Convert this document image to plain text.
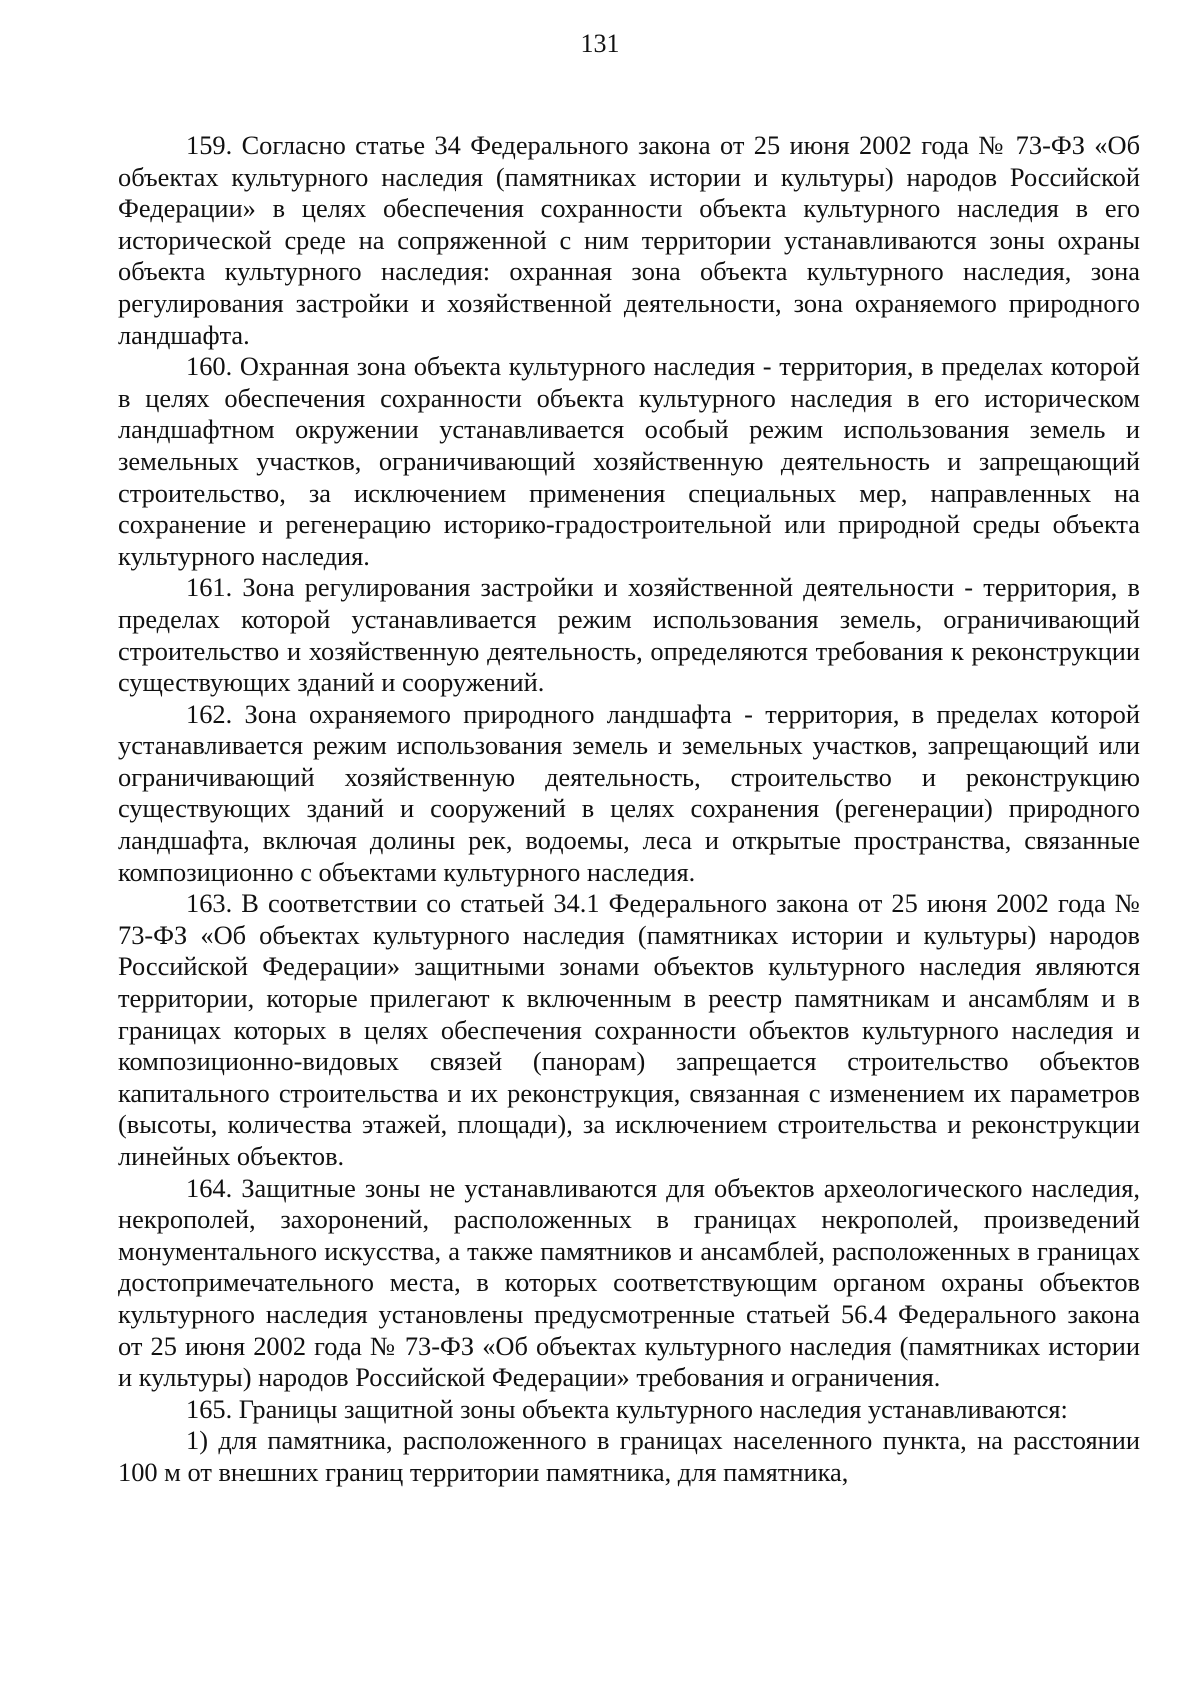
131

159. Согласно статье 34 Федерального закона от 25 июня 2002 года № 73-ФЗ «Об объектах культурного наследия (памятниках истории и культуры) народов Российской Федерации» в целях обеспечения сохранности объекта культурного наследия в его исторической среде на сопряженной с ним территории устанавливаются зоны охраны объекта культурного наследия: охранная зона объекта культурного наследия, зона регулирования застройки и хозяйственной деятельности, зона охраняемого природного ландшафта.

160. Охранная зона объекта культурного наследия - территория, в пределах которой в целях обеспечения сохранности объекта культурного наследия в его историческом ландшафтном окружении устанавливается особый режим использования земель и земельных участков, ограничивающий хозяйственную деятельность и запрещающий строительство, за исключением применения специальных мер, направленных на сохранение и регенерацию историко-градостроительной или природной среды объекта культурного наследия.

161. Зона регулирования застройки и хозяйственной деятельности - территория, в пределах которой устанавливается режим использования земель, ограничивающий строительство и хозяйственную деятельность, определяются требования к реконструкции существующих зданий и сооружений.

162. Зона охраняемого природного ландшафта - территория, в пределах которой устанавливается режим использования земель и земельных участков, запрещающий или ограничивающий хозяйственную деятельность, строительство и реконструкцию существующих зданий и сооружений в целях сохранения (регенерации) природного ландшафта, включая долины рек, водоемы, леса и открытые пространства, связанные композиционно с объектами культурного наследия.

163. В соответствии со статьей 34.1 Федерального закона от 25 июня 2002 года № 73-ФЗ «Об объектах культурного наследия (памятниках истории и культуры) народов Российской Федерации» защитными зонами объектов культурного наследия являются территории, которые прилегают к включенным в реестр памятникам и ансамблям и в границах которых в целях обеспечения сохранности объектов культурного наследия и композиционно-видовых связей (панорам) запрещается строительство объектов капитального строительства и их реконструкция, связанная с изменением их параметров (высоты, количества этажей, площади), за исключением строительства и реконструкции линейных объектов.

164. Защитные зоны не устанавливаются для объектов археологического наследия, некрополей, захоронений, расположенных в границах некрополей, произведений монументального искусства, а также памятников и ансамблей, расположенных в границах достопримечательного места, в которых соответствующим органом охраны объектов культурного наследия установлены предусмотренные статьей 56.4 Федерального закона от 25 июня 2002 года № 73-ФЗ «Об объектах культурного наследия (памятниках истории и культуры) народов Российской Федерации» требования и ограничения.

165. Границы защитной зоны объекта культурного наследия устанавливаются:

1) для памятника, расположенного в границах населенного пункта, на расстоянии 100 м от внешних границ территории памятника, для памятника,
